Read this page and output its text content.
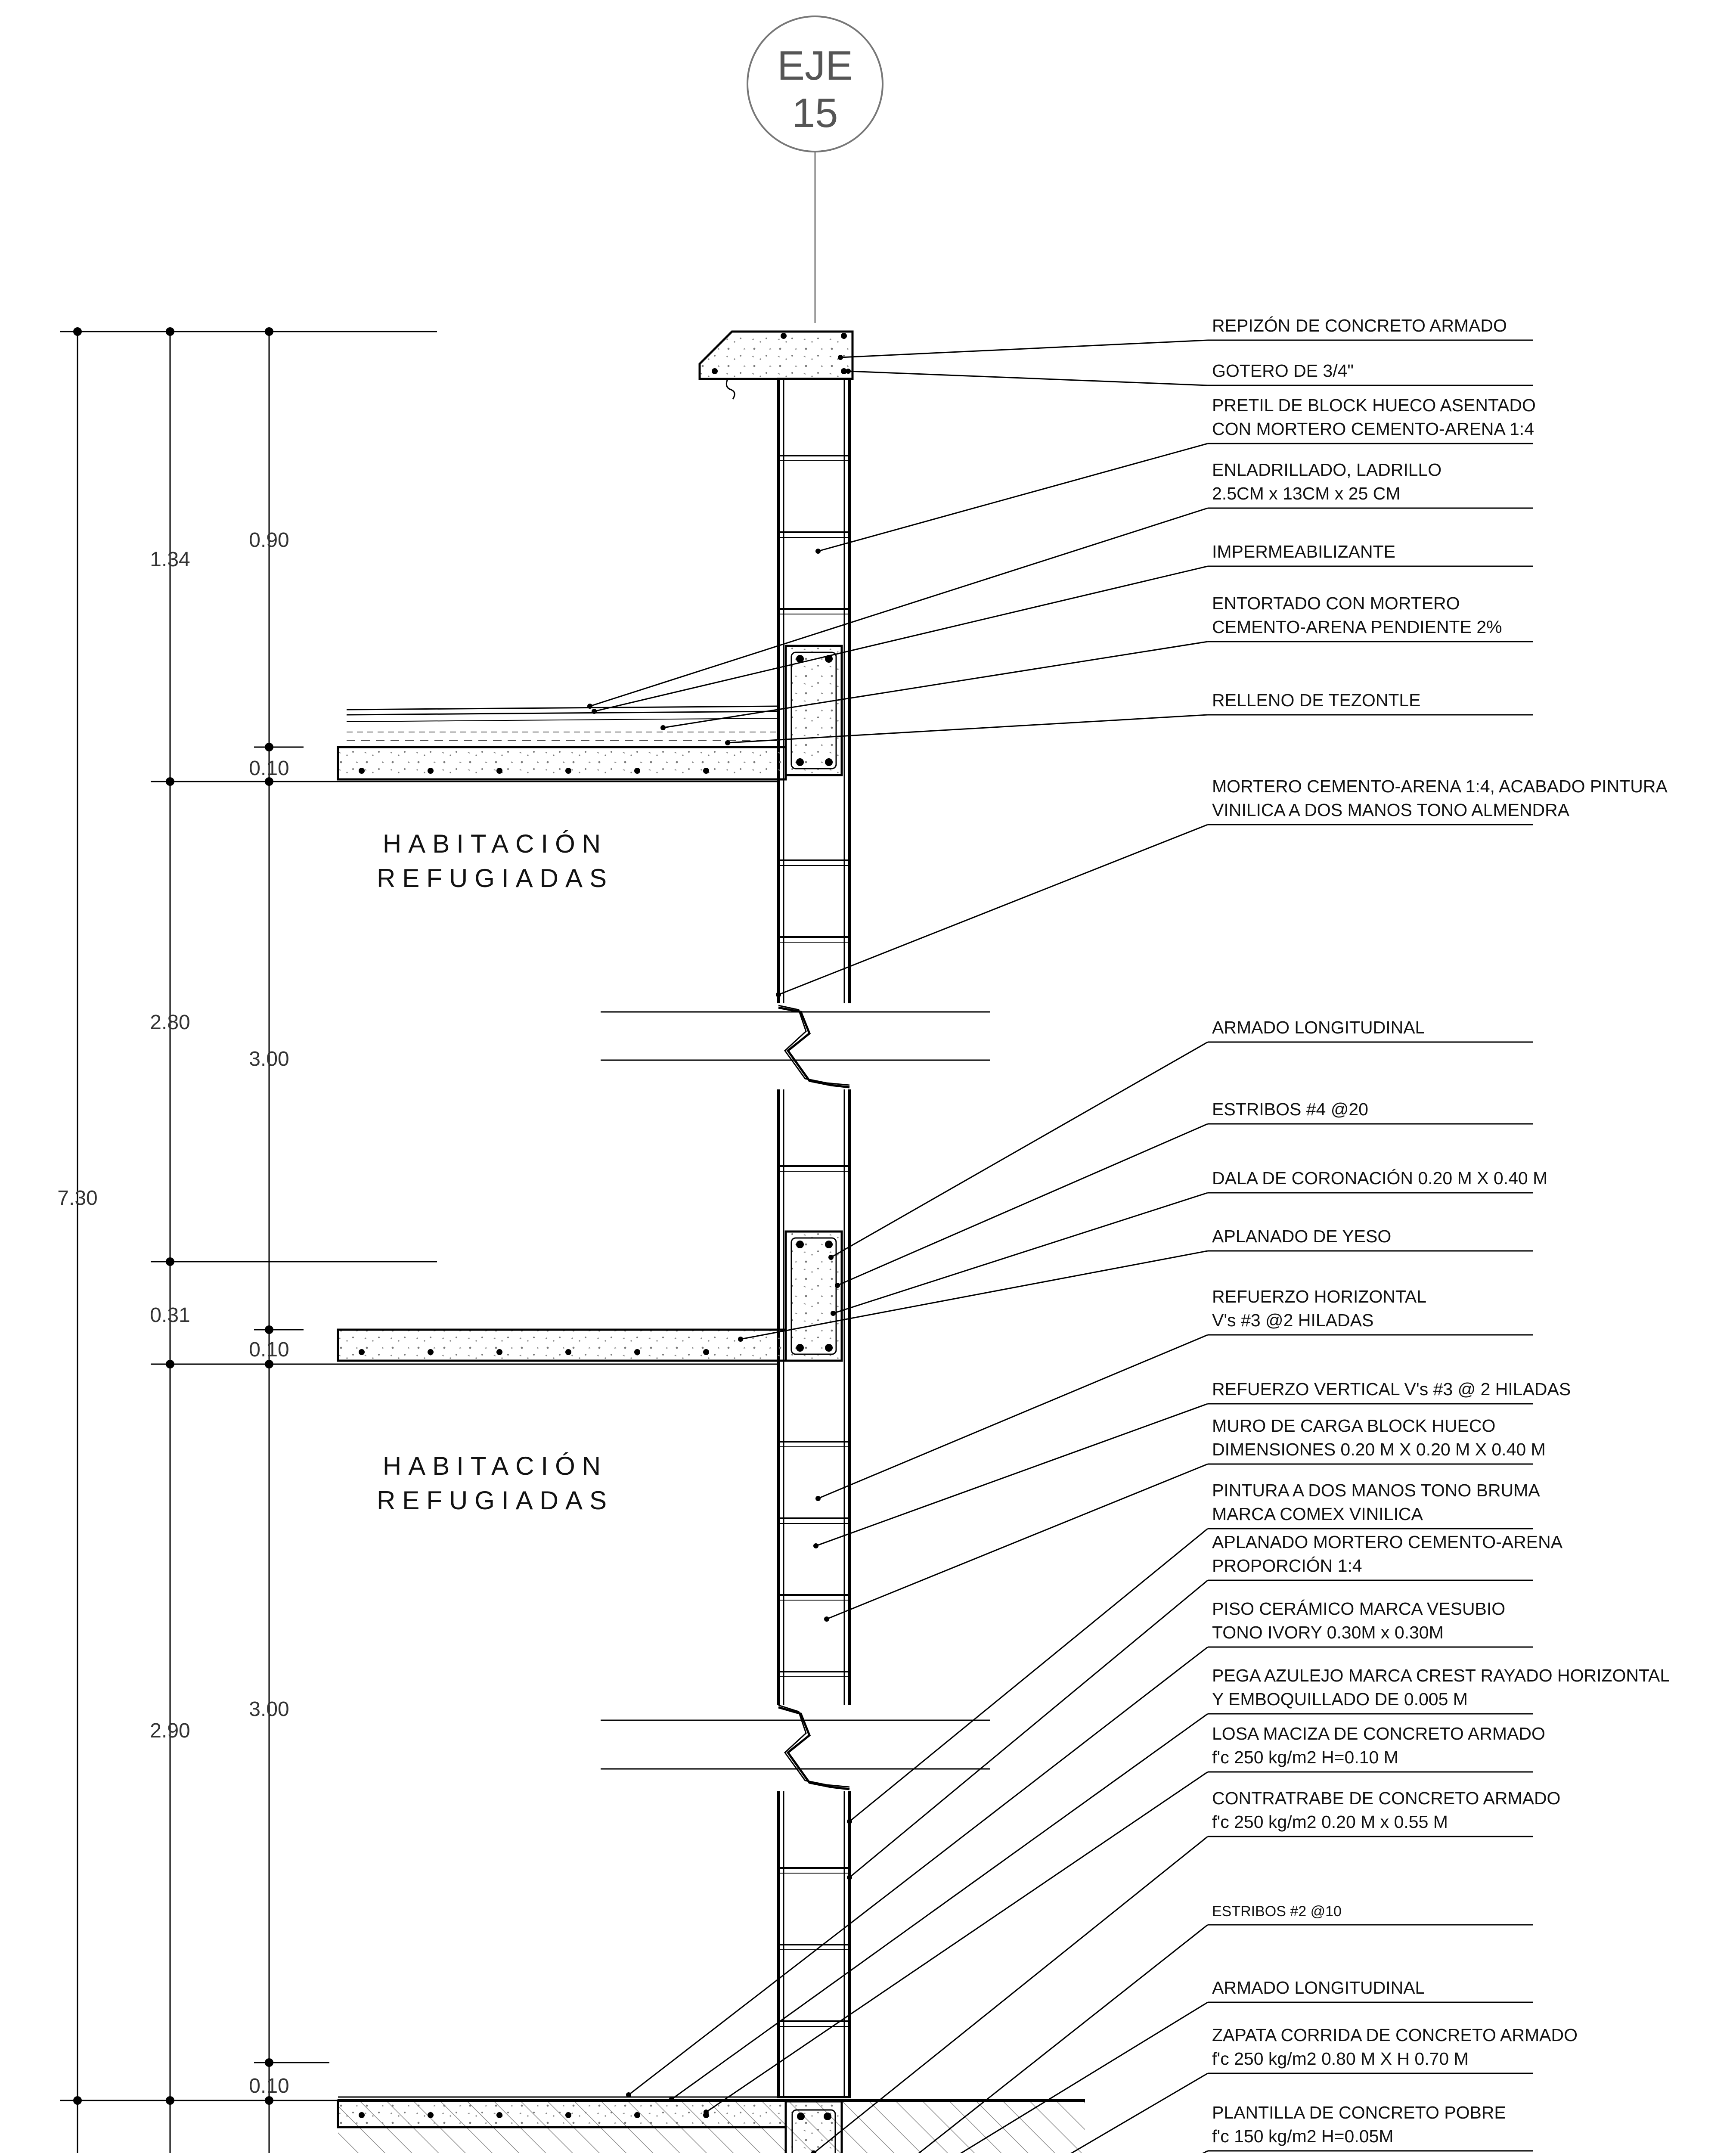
EJE
15
HABITACIÓN
REFUGIADAS
HABITACIÓN
REFUGIADAS
7.30
1.34
2.80
0.31
2.90
0.90
0.10
3.00
0.10
3.00
0.10
REPIZÓN DE CONCRETO ARMADO
GOTERO DE 3/4"
PRETIL DE BLOCK HUECO ASENTADO
CON MORTERO CEMENTO-ARENA 1:4
ENLADRILLADO, LADRILLO
2.5CM x 13CM x 25 CM
IMPERMEABILIZANTE
ENTORTADO CON MORTERO
CEMENTO-ARENA PENDIENTE 2%
RELLENO DE TEZONTLE
MORTERO CEMENTO-ARENA 1:4, ACABADO PINTURA
VINILICA A DOS MANOS TONO ALMENDRA
ARMADO LONGITUDINAL
ESTRIBOS #4 @20
DALA DE CORONACIÓN 0.20 M X 0.40 M
APLANADO DE YESO
REFUERZO HORIZONTAL
V's #3 @2 HILADAS
REFUERZO VERTICAL V's #3 @ 2 HILADAS
MURO DE CARGA BLOCK HUECO
DIMENSIONES 0.20 M X 0.20 M X 0.40 M
PINTURA A DOS MANOS TONO BRUMA
MARCA COMEX VINILICA
APLANADO MORTERO CEMENTO-ARENA
PROPORCIÓN 1:4
PISO CERÁMICO MARCA VESUBIO
TONO IVORY 0.30M x 0.30M
PEGA AZULEJO MARCA CREST RAYADO HORIZONTAL
Y EMBOQUILLADO DE 0.005 M
LOSA MACIZA DE CONCRETO ARMADO
f'c 250 kg/m2 H=0.10 M
CONTRATRABE DE CONCRETO ARMADO
f'c 250 kg/m2 0.20 M x 0.55 M
ESTRIBOS #2 @10
ARMADO LONGITUDINAL
ZAPATA CORRIDA DE CONCRETO ARMADO
f'c 250 kg/m2 0.80 M X H 0.70 M
PLANTILLA DE CONCRETO POBRE
f'c 150 kg/m2 H=0.05M
